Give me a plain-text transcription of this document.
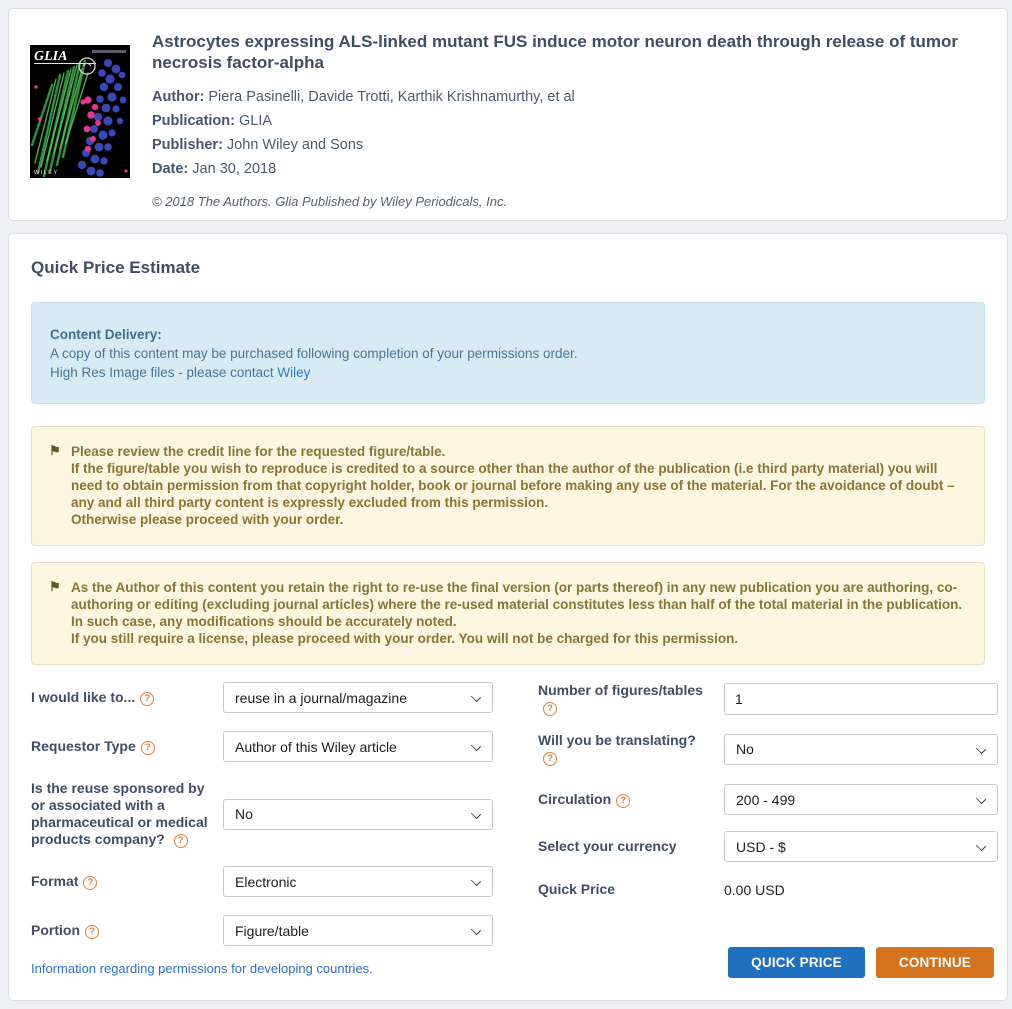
GLIA
WILEY
Astrocytes expressing ALS-linked mutant FUS induce motor neuron death through release of tumor necrosis factor-alpha
Author: Piera Pasinelli, Davide Trotti, Karthik Krishnamurthy, et al
Publication: GLIA
Publisher: John Wiley and Sons
Date: Jan 30, 2018

© 2018 The Authors. Glia Published by Wiley Periodicals, Inc.

Quick Price Estimate
Content Delivery:
A copy of this content may be purchased following completion of your permissions order.
High Res Image files - please contact Wiley
⚑ Please review the credit line for the requested figure/table.
If the figure/table you wish to reproduce is credited to a source other than the author of the publication (i.e third party material) you will need to obtain permission from that copyright holder, book or journal before making any use of the material. For the avoidance of doubt – any and all third party content is expressly excluded from this permission.
Otherwise please proceed with your order.
⚑ As the Author of this content you retain the right to re-use the final version (or parts thereof) in any new publication you are authoring, co-authoring or editing (excluding journal articles) where the re-used material constitutes less than half of the total material in the publication. In such case, any modifications should be accurately noted.
If you still require a license, please proceed with your order. You will not be charged for this permission.
I would like to... ?	reuse in a journal/magazine
Requestor Type ?	Author of this Wiley article
Is the reuse sponsored by or associated with a pharmaceutical or medical products company? ?
No
Format ?	Electronic
Portion ?	Figure/table
Number of figures/tables ?
1
Will you be translating? ?
No
Circulation ?	200 - 499
Select your currency	USD - $
Quick Price	0.00 USD
QUICK PRICE	CONTINUE
Information regarding permissions for developing countries.
